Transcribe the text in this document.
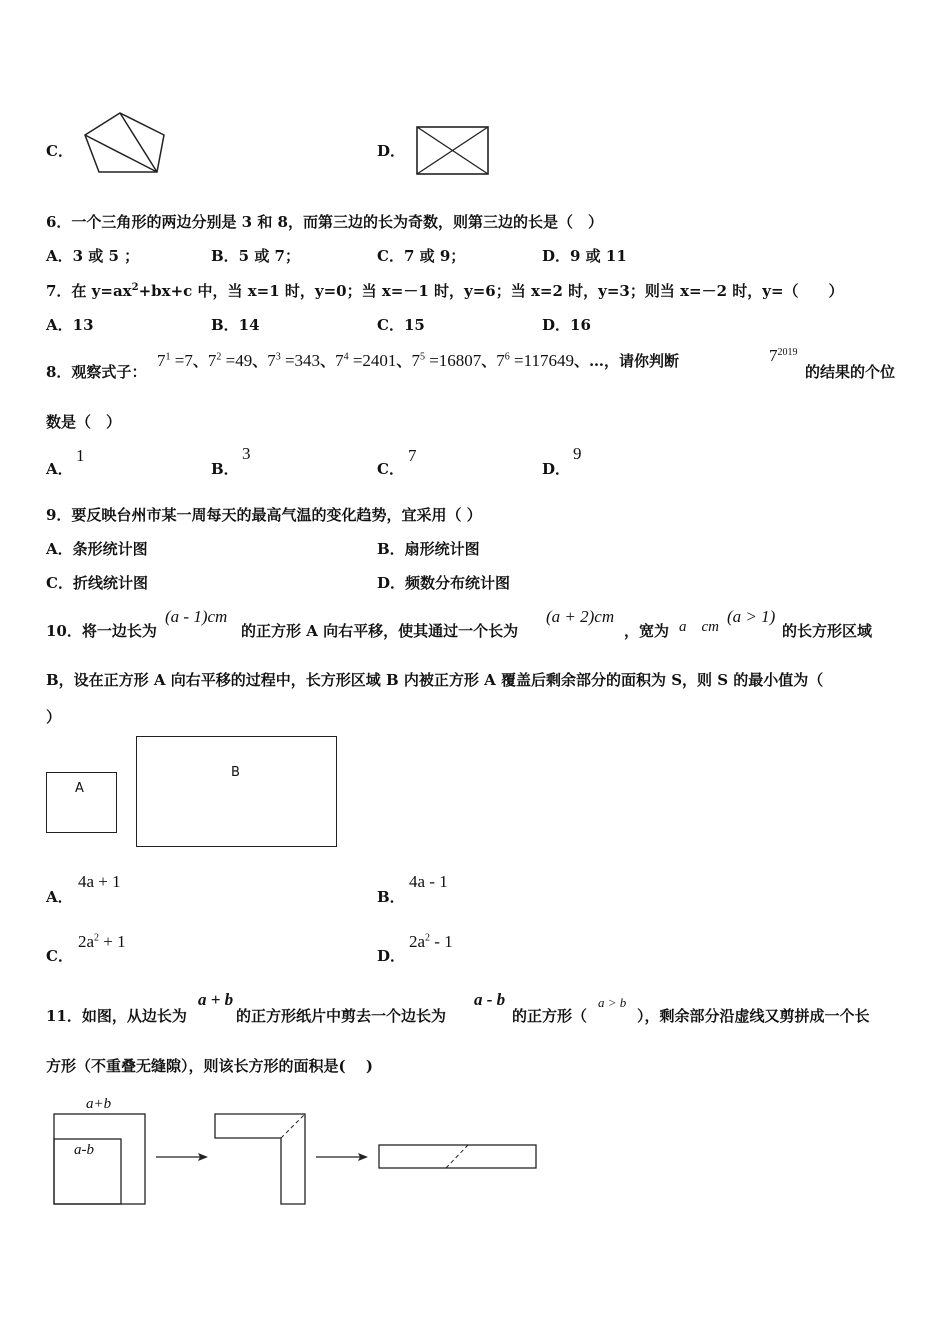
C．	D．
6．一个三角形的两边分别是 3 和 8，而第三边的长为奇数，则第三边的长是（　）
A．3 或 5 ；	B．5 或 7；	C．7 或 9；	D．9 或 11
7．在 $y=ax^2+bx+c$ 中，当 x=1 时，y=0；当 x=－1 时，y=6；当 x=2 时，y=3；则当 x=－2 时，y=（　　）
A．13	B．14	C．15	D．16
8．观察式子：
$7^1 =7$、$7^2 =49$、$7^3 =343$、$7^4 =2401$、$7^5 =16807$、$7^6 =117649$、…，请你判断	$7^{2019}$
的结果的个位
数是（　）
A．
1
B．
3
C．
7
D．
9
9．要反映台州市某一周每天的最高气温的变化趋势，宜采用（ ）
A．条形统计图	B．扇形统计图
C．折线统计图	D．频数分布统计图
10．将一边长为
(a - 1)cm
的正方形 A 向右平移，使其通过一个长为
(a + 2)cm
，宽为 a　cm
(a > 1)
的长方形区域
B，设在正方形 A 向右平移的过程中，长方形区域 B 内被正方形 A 覆盖后剩余部分的面积为 S，则 S 的最小值为（
）
A
B
A．
4a + 1
B．
4a - 1
C．
$2a^2 + 1$
D．
$2a^2 - 1$
11．如图，从边长为
a + b
的正方形纸片中剪去一个边长为
a - b
的正方形（
a > b
），剩余部分沿虚线又剪拼成一个长
方形（不重叠无缝隙），则该长方形的面积是(　 )
a+b
a-b
